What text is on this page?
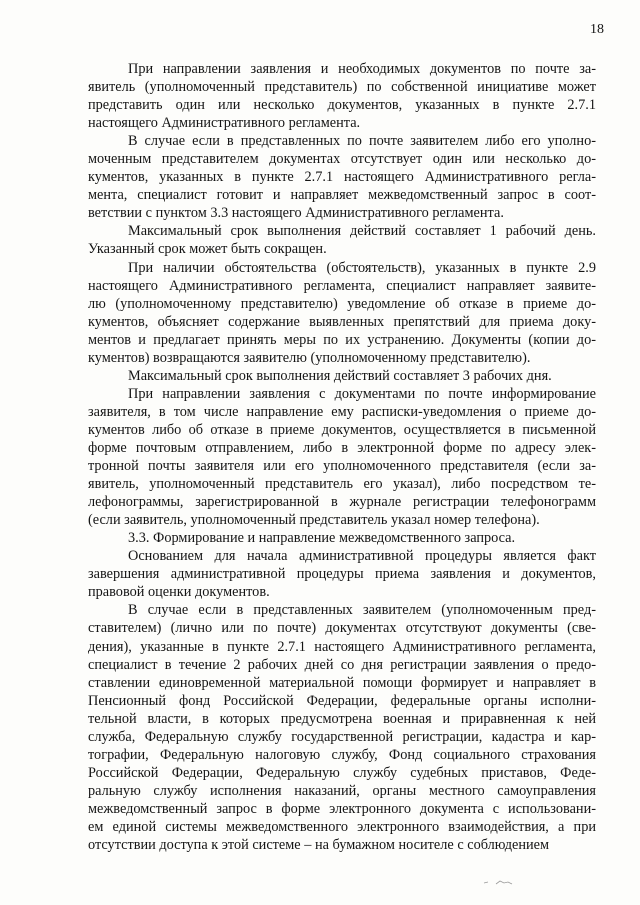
18

При направлении заявления и необходимых документов по почте за-
явитель (уполномоченный представитель) по собственной инициативе может
представить один или несколько документов, указанных в пункте 2.7.1
настоящего Административного регламента.

В случае если в представленных по почте заявителем либо его уполно-
моченным представителем документах отсутствует один или несколько до-
кументов, указанных в пункте 2.7.1 настоящего Административного регла-
мента, специалист готовит и направляет межведомственный запрос в соот-
ветствии с пунктом 3.3 настоящего Административного регламента.

Максимальный срок выполнения действий составляет 1 рабочий день.
Указанный срок может быть сокращен.

При наличии обстоятельства (обстоятельств), указанных в пункте 2.9
настоящего Административного регламента, специалист направляет заявите-
лю (уполномоченному представителю) уведомление об отказе в приеме до-
кументов, объясняет содержание выявленных препятствий для приема доку-
ментов и предлагает принять меры по их устранению. Документы (копии до-
кументов) возвращаются заявителю (уполномоченному представителю).

Максимальный срок выполнения действий составляет 3 рабочих дня.

При направлении заявления с документами по почте информирование
заявителя, в том числе направление ему расписки-уведомления о приеме до-
кументов либо об отказе в приеме документов, осуществляется в письменной
форме почтовым отправлением, либо в электронной форме по адресу элек-
тронной почты заявителя или его уполномоченного представителя (если за-
явитель, уполномоченный представитель его указал), либо посредством те-
лефонограммы, зарегистрированной в журнале регистрации телефонограмм
(если заявитель, уполномоченный представитель указал номер телефона).

3.3. Формирование и направление межведомственного запроса.

Основанием для начала административной процедуры является факт
завершения административной процедуры приема заявления и документов,
правовой оценки документов.

В случае если в представленных заявителем (уполномоченным пред-
ставителем) (лично или по почте) документах отсутствуют документы (све-
дения), указанные в пункте 2.7.1 настоящего Административного регламента,
специалист в течение 2 рабочих дней со дня регистрации заявления о предо-
ставлении единовременной материальной помощи формирует и направляет в
Пенсионный фонд Российской Федерации, федеральные органы исполни-
тельной власти, в которых предусмотрена военная и приравненная к ней
служба, Федеральную службу государственной регистрации, кадастра и кар-
тографии, Федеральную налоговую службу, Фонд социального страхования
Российской Федерации, Федеральную службу судебных приставов, Феде-
ральную службу исполнения наказаний, органы местного самоуправления
межведомственный запрос в форме электронного документа с использовани-
ем единой системы межведомственного электронного взаимодействия, а при
отсутствии доступа к этой системе – на бумажном носителе с соблюдением
